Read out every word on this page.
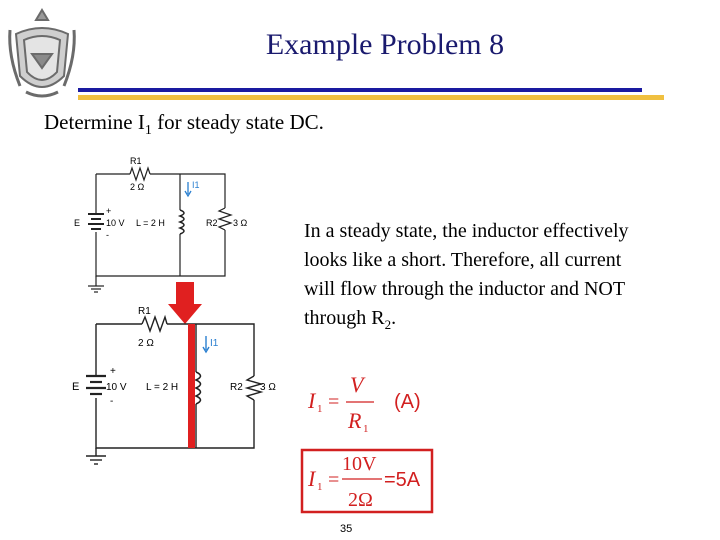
Example Problem 8
Determine $I_1$ for steady state DC.
R1
2 Ω	I1
E
+
10 V
-
L = 2 H	R2 3 Ω
R1
2 Ω	I1
E
+
10 V
-
L = 2 H	R2 3 Ω
In a steady state, the inductor effectively looks like a short. Therefore, all current will flow through the inductor and NOT through $R_2$.
I 1 =
V
R 1
(A)
I 1 =
10V
2Ω
=5A
35
